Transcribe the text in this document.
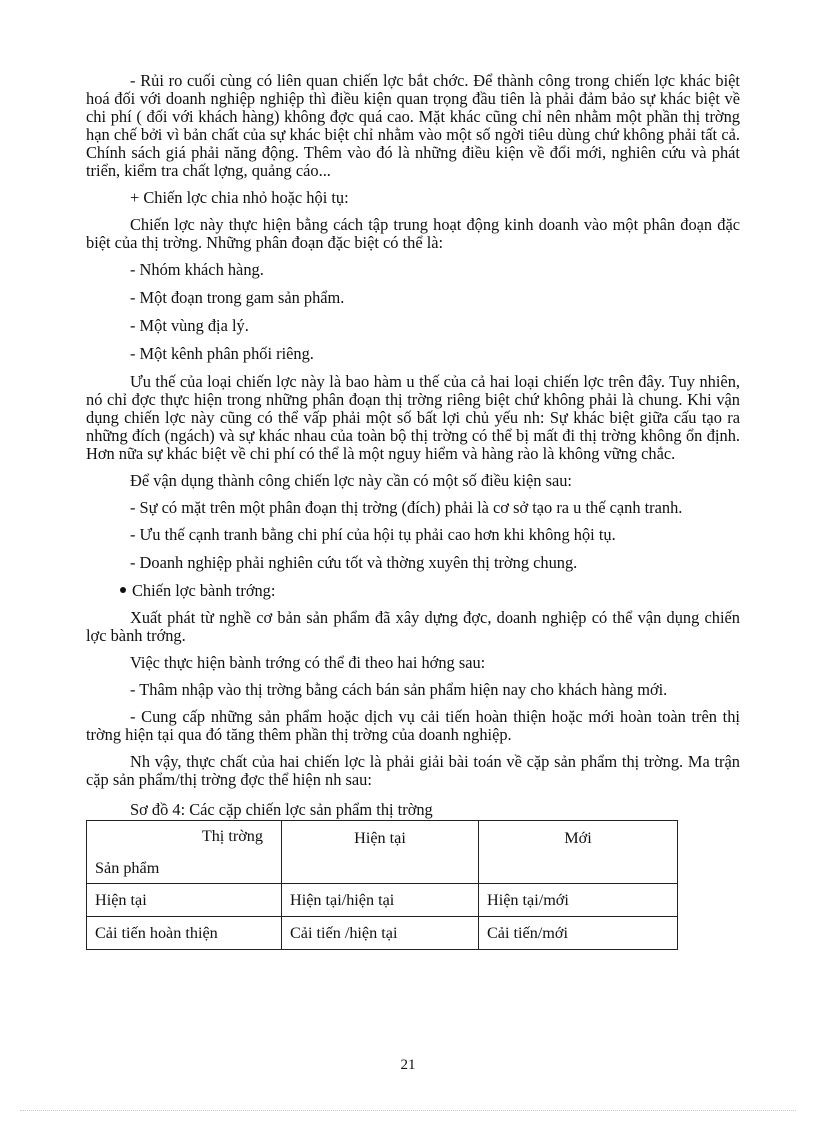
- Rủi ro cuối cùng có liên quan chiến lợc bắt chớc. Để thành công trong chiến lợc khác biệt hoá đối với doanh nghiệp nghiệp thì điều kiện quan trọng đầu tiên là phải đảm bảo sự khác biệt về chi phí ( đối với khách hàng) không đợc quá cao. Mặt khác cũng chỉ nên nhằm một phần thị trờng hạn chế bởi vì bản chất của sự khác biệt chỉ nhằm vào một số ngời tiêu dùng chứ không phải tất cả. Chính sách giá phải năng động. Thêm vào đó là những điều kiện về đổi mới, nghiên cứu và phát triển, kiểm tra chất lợng, quảng cáo...

+ Chiến lợc chia nhỏ hoặc hội tụ:

Chiến lợc này thực hiện bằng cách tập trung hoạt động kinh doanh vào một phân đoạn đặc biệt của thị trờng. Những phân đoạn đặc biệt có thể là:

- Nhóm khách hàng.

- Một đoạn trong gam sản phẩm.

- Một vùng địa lý.

- Một kênh phân phối riêng.

Ưu thế của loại chiến lợc này là bao hàm u thế của cả hai loại chiến lợc trên đây. Tuy nhiên, nó chỉ đợc thực hiện trong những phân đoạn thị trờng riêng biệt chứ không phải là chung. Khi vận dụng chiến lợc này cũng có thể vấp phải một số bất lợi chủ yếu nh: Sự khác biệt giữa cấu tạo ra những đích (ngách) và sự khác nhau của toàn bộ thị trờng có thể bị mất đi thị trờng không ổn định. Hơn nữa sự khác biệt về chi phí có thể là một nguy hiểm và hàng rào là không vững chắc.

Để vận dụng thành công chiến lợc này cần có một số điều kiện sau:

- Sự có mặt trên một phân đoạn thị trờng (đích) phải là cơ sở tạo ra u thế cạnh tranh.

- Ưu thế cạnh tranh bằng chi phí của hội tụ phải cao hơn khi không hội tụ.

- Doanh nghiệp phải nghiên cứu tốt và thờng xuyên thị trờng chung.

Chiến lợc bành trớng:

Xuất phát từ nghề cơ bản sản phẩm đã xây dựng đợc, doanh nghiệp có thể vận dụng chiến lợc bành trớng.

Việc thực hiện bành trớng có thể đi theo hai hớng sau:

- Thâm nhập vào thị trờng bằng cách bán sản phẩm hiện nay cho khách hàng mới.

- Cung cấp những sản phẩm hoặc dịch vụ cải tiến hoàn thiện hoặc mới hoàn toàn trên thị trờng hiện tại qua đó tăng thêm phần thị trờng của doanh nghiệp.

Nh vậy, thực chất của hai chiến lợc là phải giải bài toán về cặp sản phẩm thị trờng. Ma trận cặp sản phẩm/thị trờng đợc thể hiện nh sau:

Sơ đồ 4: Các cặp chiến lợc sản phẩm thị trờng
Thị trờng
Sản phẩm	Hiện tại	Mới
Hiện tại	Hiện tại/hiện tại	Hiện tại/mới
Cải tiến hoàn thiện	Cải tiến /hiện tại	Cải tiến/mới
21
